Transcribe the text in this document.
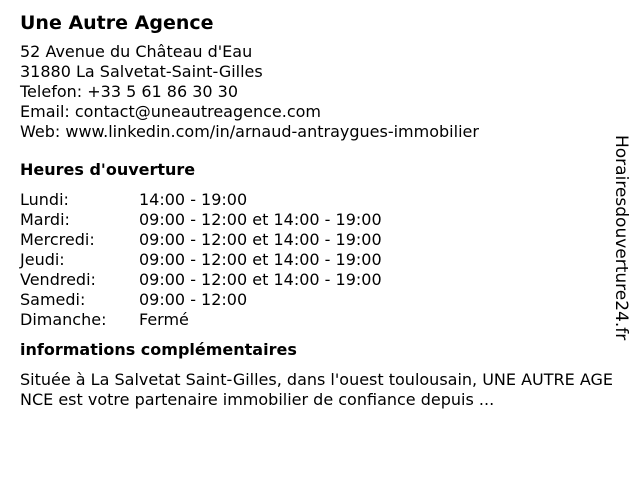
Une Autre Agence
52 Avenue du Château d'Eau
31880 La Salvetat-Saint-Gilles
Telefon: +33 5 61 86 30 30
Email: contact@uneautreagence.com
Web: www.linkedin.com/in/arnaud-antraygues-immobilier
Heures d'ouverture
Lundi:	14:00 - 19:00
Mardi:	09:00 - 12:00 et 14:00 - 19:00
Mercredi:	09:00 - 12:00 et 14:00 - 19:00
Jeudi:	09:00 - 12:00 et 14:00 - 19:00
Vendredi:	09:00 - 12:00 et 14:00 - 19:00
Samedi:	09:00 - 12:00
Dimanche: Fermé
informations complémentaires

Située à La Salvetat Saint-Gilles, dans l'ouest toulousain, UNE AUTRE AGENCE est votre partenaire immobilier de confiance depuis ...

Horairesdouverture24.fr
